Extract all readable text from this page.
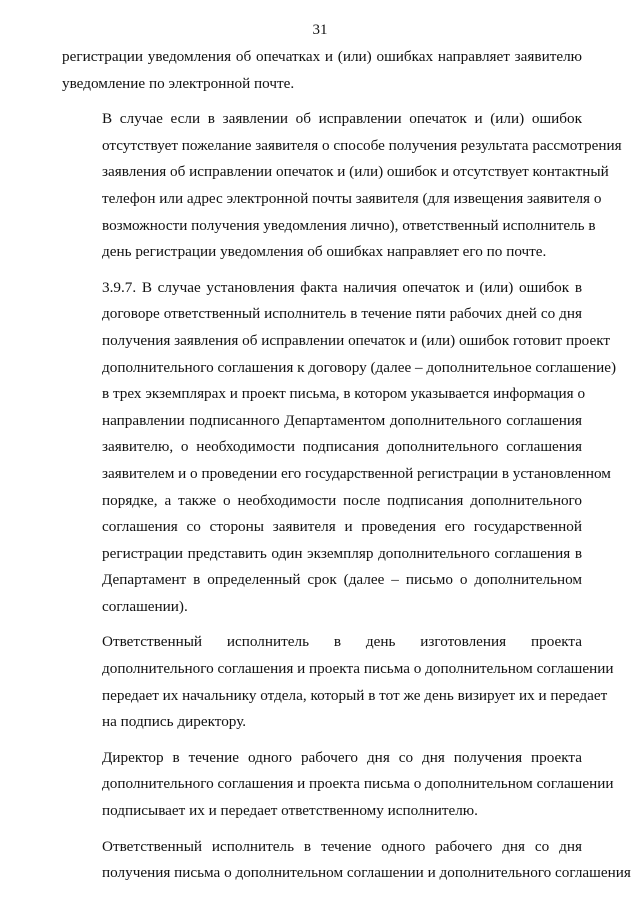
31

регистрации уведомления об опечатках и (или) ошибках направляет заявителю
уведомление по электронной почте.

В случае если в заявлении об исправлении опечаток и (или) ошибок
отсутствует пожелание заявителя о способе получения результата рассмотрения
заявления об исправлении опечаток и (или) ошибок и отсутствует контактный
телефон или адрес электронной почты заявителя (для извещения заявителя о
возможности получения уведомления лично), ответственный исполнитель в
день регистрации уведомления об ошибках направляет его по почте.

3.9.7. В случае установления факта наличия опечаток и (или) ошибок в
договоре ответственный исполнитель в течение пяти рабочих дней со дня
получения заявления об исправлении опечаток и (или) ошибок готовит проект
дополнительного соглашения к договору (далее – дополнительное соглашение)
в трех экземплярах и проект письма, в котором указывается информация о
направлении подписанного Департаментом дополнительного соглашения
заявителю, о необходимости подписания дополнительного соглашения
заявителем и о проведении его государственной регистрации в установленном
порядке, а также о необходимости после подписания дополнительного
соглашения со стороны заявителя и проведения его государственной
регистрации представить один экземпляр дополнительного соглашения в
Департамент в определенный срок (далее – письмо о дополнительном
соглашении).

Ответственный исполнитель в день изготовления проекта
дополнительного соглашения и проекта письма о дополнительном соглашении
передает их начальнику отдела, который в тот же день визирует их и передает
на подпись директору.

Директор в течение одного рабочего дня со дня получения проекта
дополнительного соглашения и проекта письма о дополнительном соглашении
подписывает их и передает ответственному исполнителю.

Ответственный исполнитель в течение одного рабочего дня со дня
получения письма о дополнительном соглашении и дополнительного соглашения
